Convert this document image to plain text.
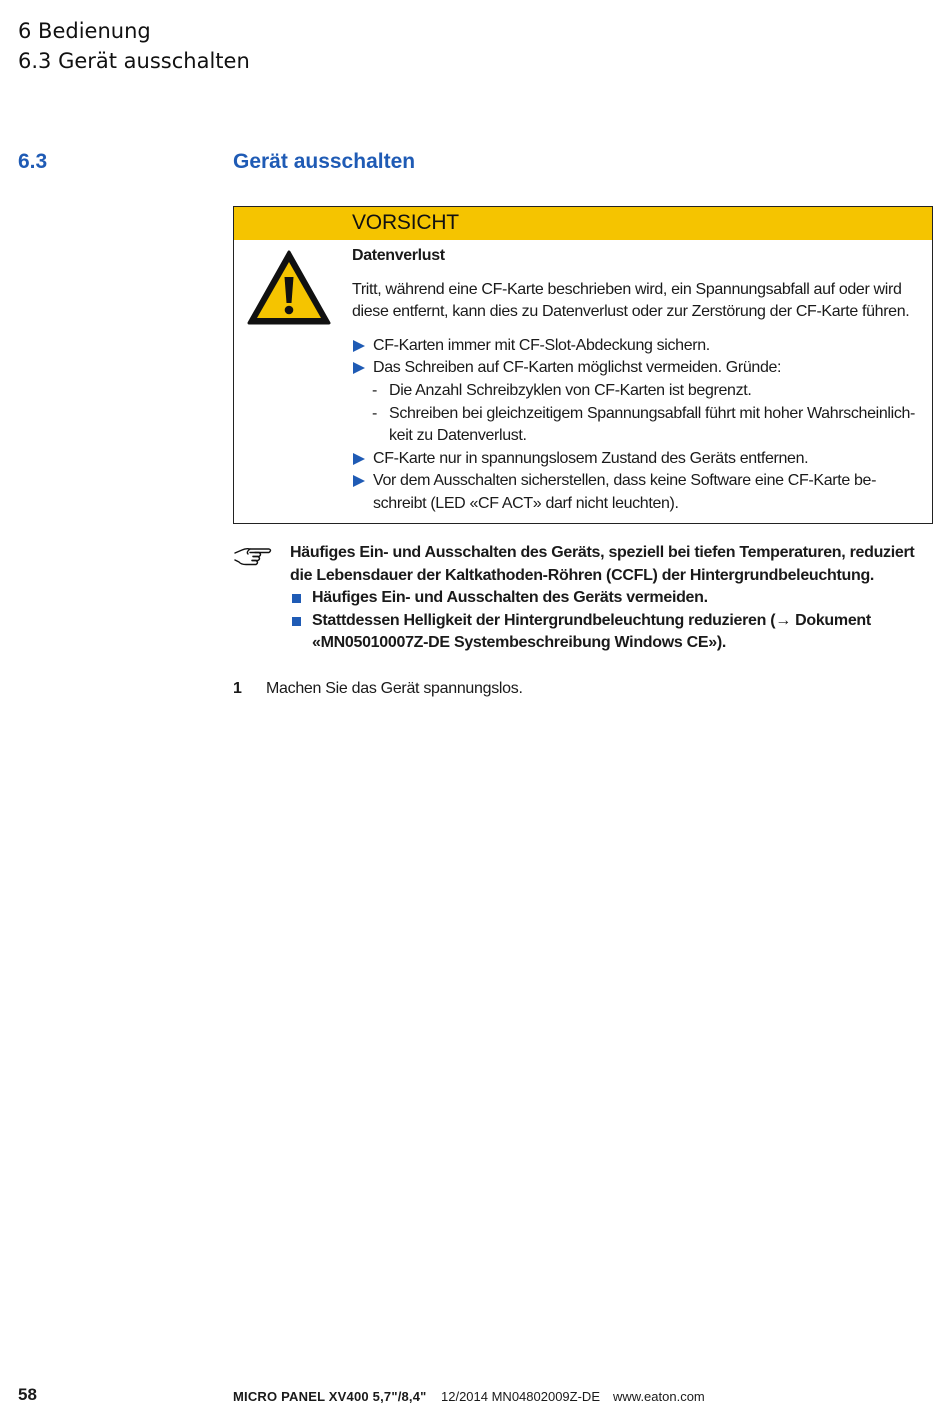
6 Bedienung
6.3 Gerät ausschalten
6.3	Gerät ausschalten
VORSICHT
Datenverlust
Tritt, während eine CF-Karte beschrieben wird, ein Spannungsabfall auf oder wird
diese entfernt, kann dies zu Datenverlust oder zur Zerstörung der CF-Karte führen.
CF-Karten immer mit CF-Slot-Abdeckung sichern.
Das Schreiben auf CF-Karten möglichst vermeiden. Gründe:
- Die Anzahl Schreibzyklen von CF-Karten ist begrenzt.
- Schreiben bei gleichzeitigem Spannungsabfall führt mit hoher Wahrscheinlich-
keit zu Datenverlust.
CF-Karte nur in spannungslosem Zustand des Geräts entfernen.
Vor dem Ausschalten sicherstellen, dass keine Software eine CF-Karte be-
schreibt (LED «CF ACT» darf nicht leuchten).
Häufiges Ein- und Ausschalten des Geräts, speziell bei tiefen Temperaturen, reduziert
die Lebensdauer der Kaltkathoden-Röhren (CCFL) der Hintergrundbeleuchtung.
Häufiges Ein- und Ausschalten des Geräts vermeiden.
Stattdessen Helligkeit der Hintergrundbeleuchtung reduzieren (→ Dokument
«MN05010007Z-DE Systembeschreibung Windows CE»).
1 Machen Sie das Gerät spannungslos.
58	MICRO PANEL XV400 5,7"/8,4" 12/2014 MN04802009Z-DE www.eaton.com
